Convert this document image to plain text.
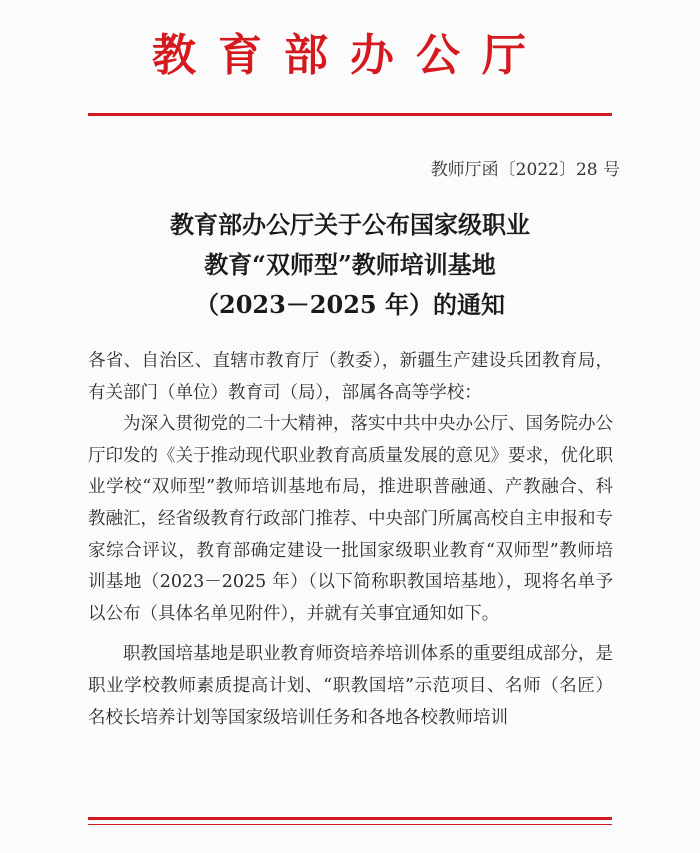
教育部办公厅
教师厅函〔2022〕28 号
教育部办公厅关于公布国家级职业
教育“双师型”教师培训基地
（2023－2025 年）的通知

各省、自治区、直辖市教育厅（教委），新疆生产建设兵团教育局，有关部门（单位）教育司（局），部属各高等学校：

为深入贯彻党的二十大精神，落实中共中央办公厅、国务院办公厅印发的《关于推动现代职业教育高质量发展的意见》要求，优化职业学校“双师型”教师培训基地布局，推进职普融通、产教融合、科教融汇，经省级教育行政部门推荐、中央部门所属高校自主申报和专家综合评议，教育部确定建设一批国家级职业教育“双师型”教师培训基地（2023－2025 年）（以下简称职教国培基地），现将名单予以公布（具体名单见附件），并就有关事宜通知如下。

职教国培基地是职业教育师资培养培训体系的重要组成部分，是职业学校教师素质提高计划、“职教国培”示范项目、名师（名匠）名校长培养计划等国家级培训任务和各地各校教师培训
